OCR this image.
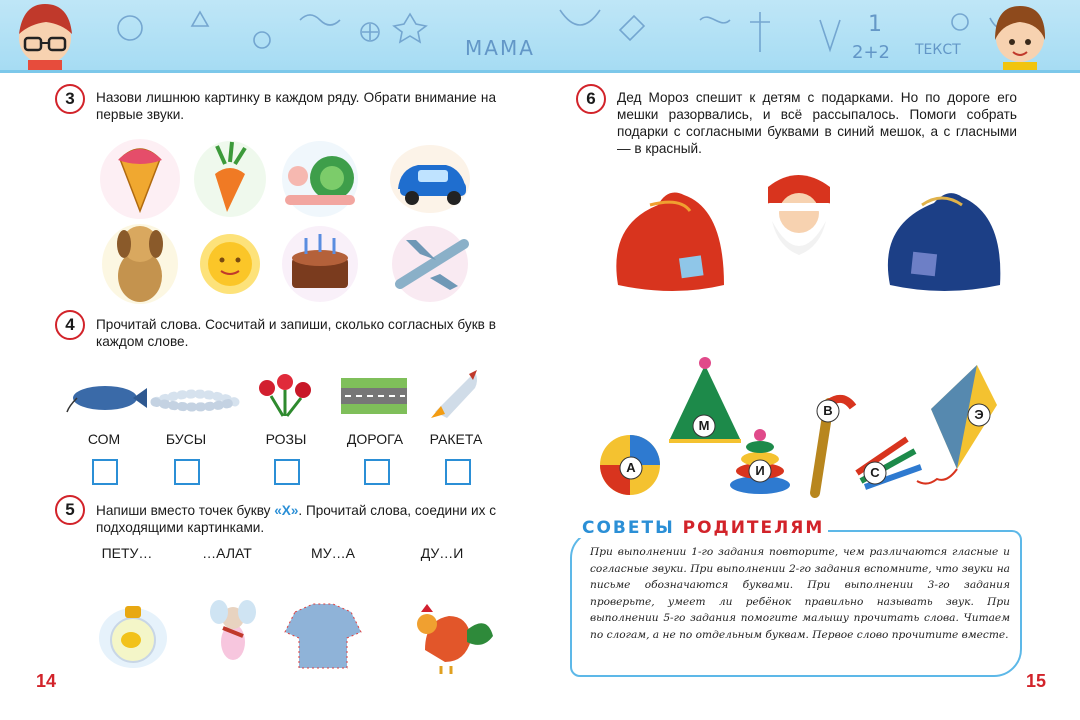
МАМА	ТЕКСТ
2+2
1
3	Назови лишнюю картинку в каждом ряду. Обрати внимание на первые звуки.
4	Прочитай слова. Сосчитай и запиши, сколько согласных букв в каждом слове.
СОМ	БУСЫ	РОЗЫ	ДОРОГА	РАКЕТА
5	Напиши вместо точек букву «Х». Прочитай слова, соедини их с подходящими картинками.
ПЕТУ…	…АЛАТ	МУ…А	ДУ…И
14
6	Дед Мороз спешит к детям с подарками. Но по дороге его мешки разорвались, и всё рассыпалось. Помоги собрать подарки с согласными буквами в синий мешок, а с гласными — в красный.
А
М
И
В
С
Э
СОВЕТЫ РОДИТЕЛЯМ
При выполнении 1-го задания повторите, чем различаются гласные и согласные звуки. При выполнении 2-го задания вспомните, что звуки на письме обозначаются буквами. При выполнении 3-го задания проверьте, умеет ли ребёнок правильно называть звук. При выполнении 5-го задания помогите малышу прочитать слова. Читаем по слогам, а не по отдельным буквам. Первое слово прочитите вместе.
15
